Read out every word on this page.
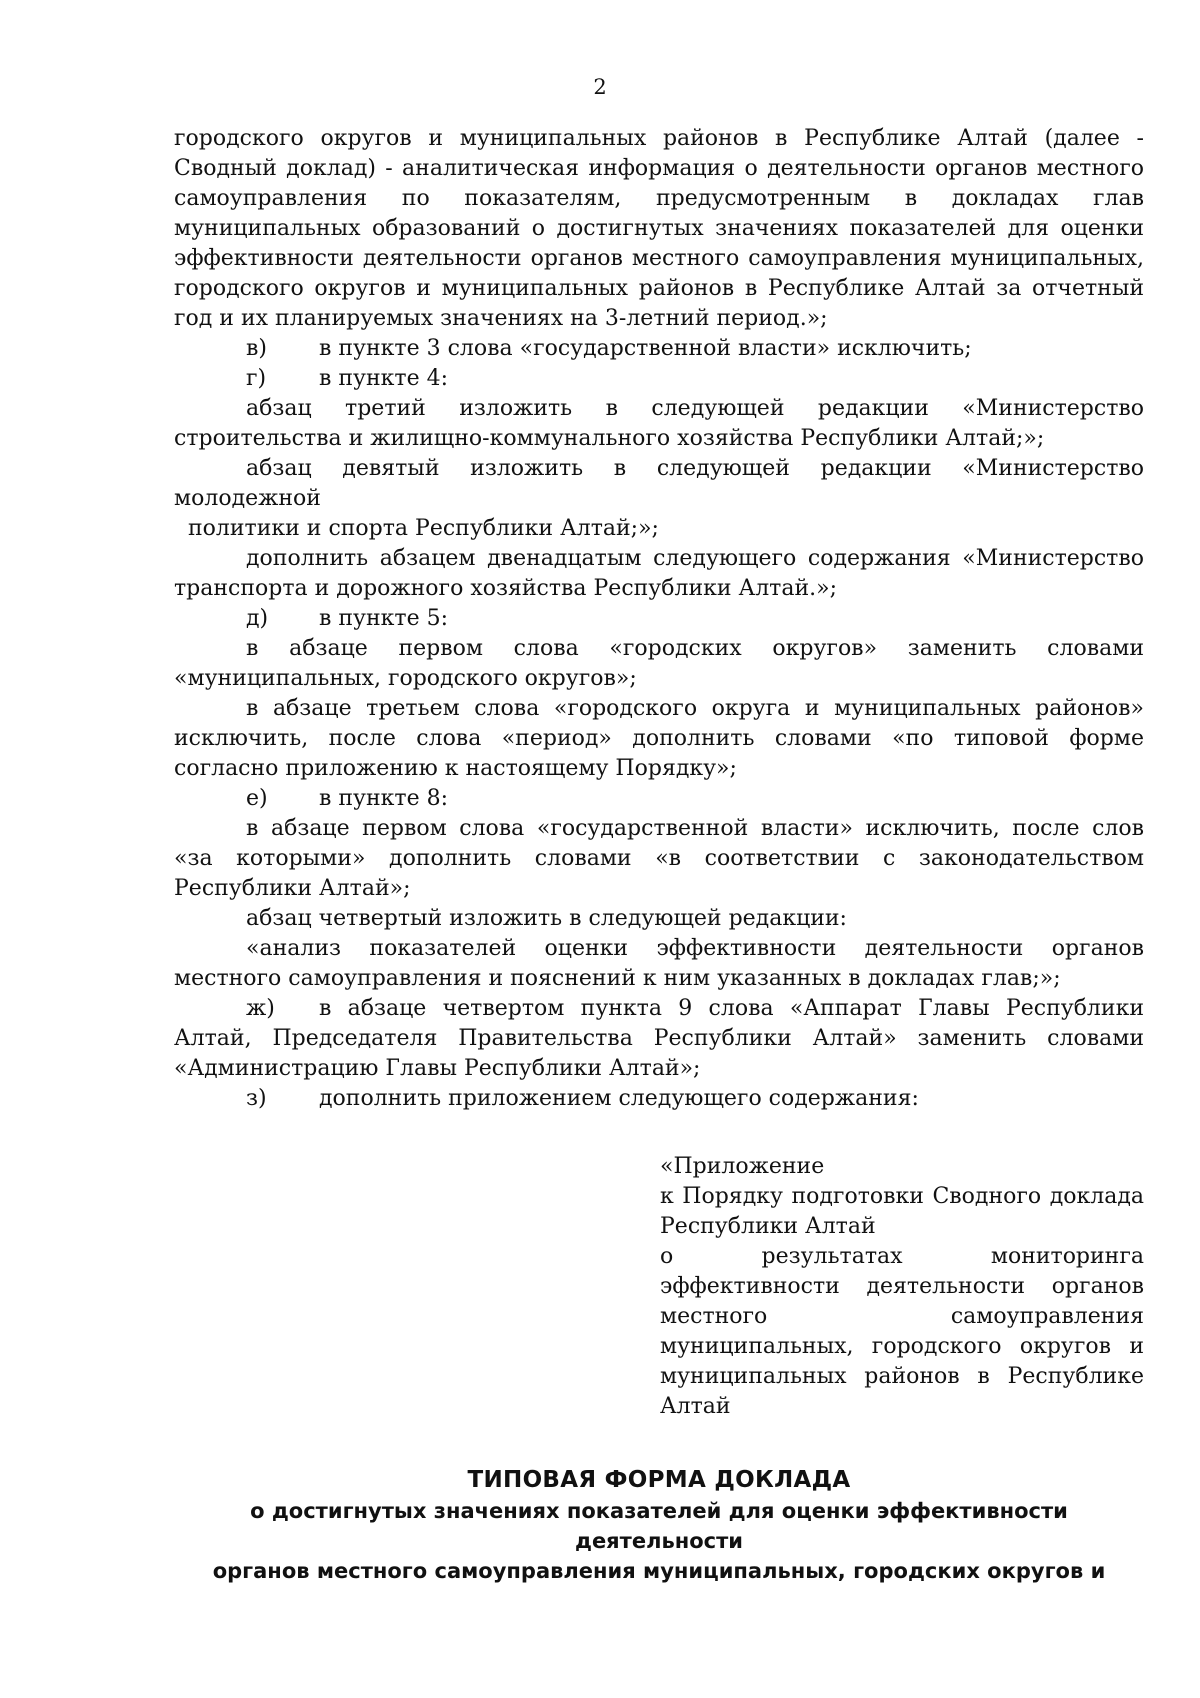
2

городского округов и муниципальных районов в Республике Алтай (далее - Сводный доклад) - аналитическая информация о деятельности органов местного самоуправления по показателям, предусмотренным в докладах глав муниципальных образований о достигнутых значениях показателей для оценки эффективности деятельности органов местного самоуправления муниципальных, городского округов и муниципальных районов в Республике Алтай за отчетный год и их планируемых значениях на 3-летний период.»;

в)	в пункте 3 слова «государственной власти» исключить;
г)	в пункте 4:

абзац третий изложить в следующей редакции «Министерство строительства и жилищно-коммунального хозяйства Республики Алтай;»;

абзац девятый изложить в следующей редакции «Министерство молодежной

политики и спорта Республики Алтай;»;

дополнить абзацем двенадцатым следующего содержания «Министерство транспорта и дорожного хозяйства Республики Алтай.»;

д)	в пункте 5:

в абзаце первом слова «городских округов» заменить словами «муниципальных, городского округов»;

в абзаце третьем слова «городского округа и муниципальных районов» исключить, после слова «период» дополнить словами «по типовой форме согласно приложению к настоящему Порядку»;

е)	в пункте 8:

в абзаце первом слова «государственной власти» исключить, после слов «за которыми» дополнить словами «в соответствии с законодательством Республики Алтай»;

абзац четвертый изложить в следующей редакции:

«анализ показателей оценки эффективности деятельности органов местного самоуправления и пояснений к ним указанных в докладах глав;»;

ж) в абзаце четвертом пункта 9 слова «Аппарат Главы Республики Алтай, Председателя Правительства Республики Алтай» заменить словами «Администрацию Главы Республики Алтай»;

з)	дополнить приложением следующего содержания:

«Приложение

к Порядку подготовки Сводного доклада Республики Алтай

о результатах мониторинга эффективности деятельности органов местного самоуправления муниципальных, городского округов и муниципальных районов в Республике Алтай

ТИПОВАЯ ФОРМА ДОКЛАДА
о достигнутых значениях показателей для оценки эффективности деятельности
органов местного самоуправления муниципальных, городских округов и
